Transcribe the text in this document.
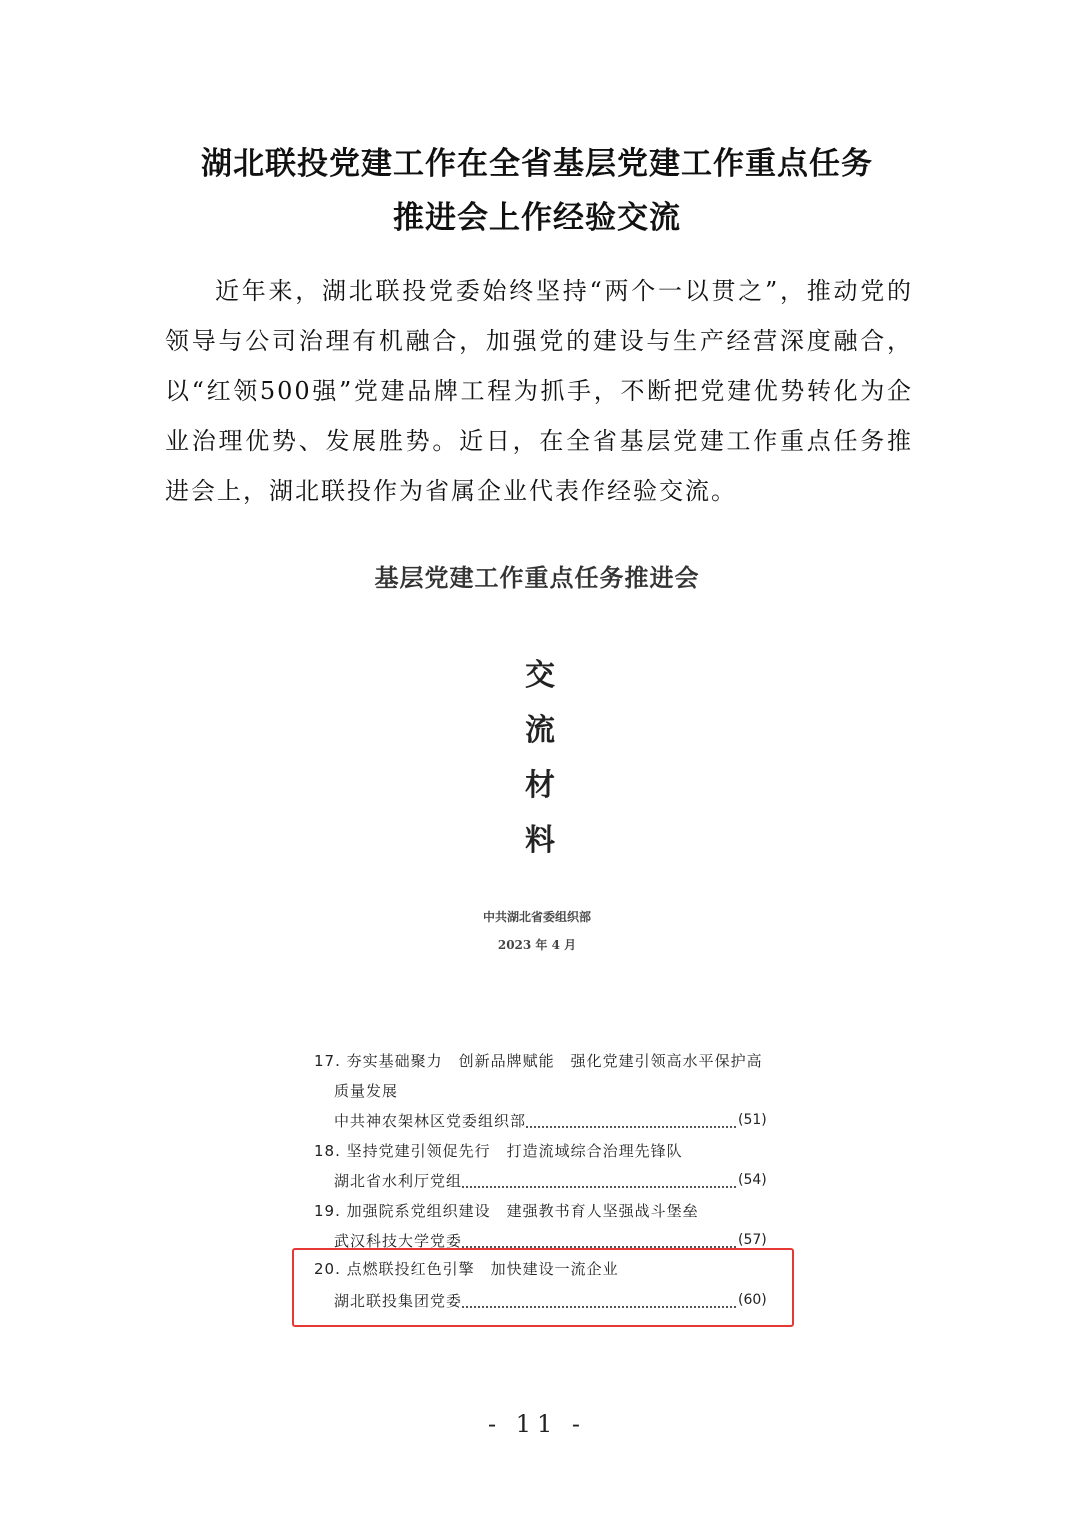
湖北联投党建工作在全省基层党建工作重点任务
推进会上作经验交流

近年来，湖北联投党委始终坚持“两个一以贯之”，推动党的领导与公司治理有机融合，加强党的建设与生产经营深度融合，以“红领500强”党建品牌工程为抓手，不断把党建优势转化为企业治理优势、发展胜势。近日，在全省基层党建工作重点任务推进会上，湖北联投作为省属企业代表作经验交流。

基层党建工作重点任务推进会
交
流
材
料
中共湖北省委组织部
2023 年 4 月
17. 夯实基础聚力　创新品牌赋能　强化党建引领高水平保护高
质量发展
中共神农架林区党委组织部	(51)
18. 坚持党建引领促先行　打造流域综合治理先锋队
湖北省水利厅党组	(54)
19. 加强院系党组织建设　建强教书育人坚强战斗堡垒
武汉科技大学党委	(57)
20. 点燃联投红色引擎　加快建设一流企业
湖北联投集团党委	(60)
- 11 -
